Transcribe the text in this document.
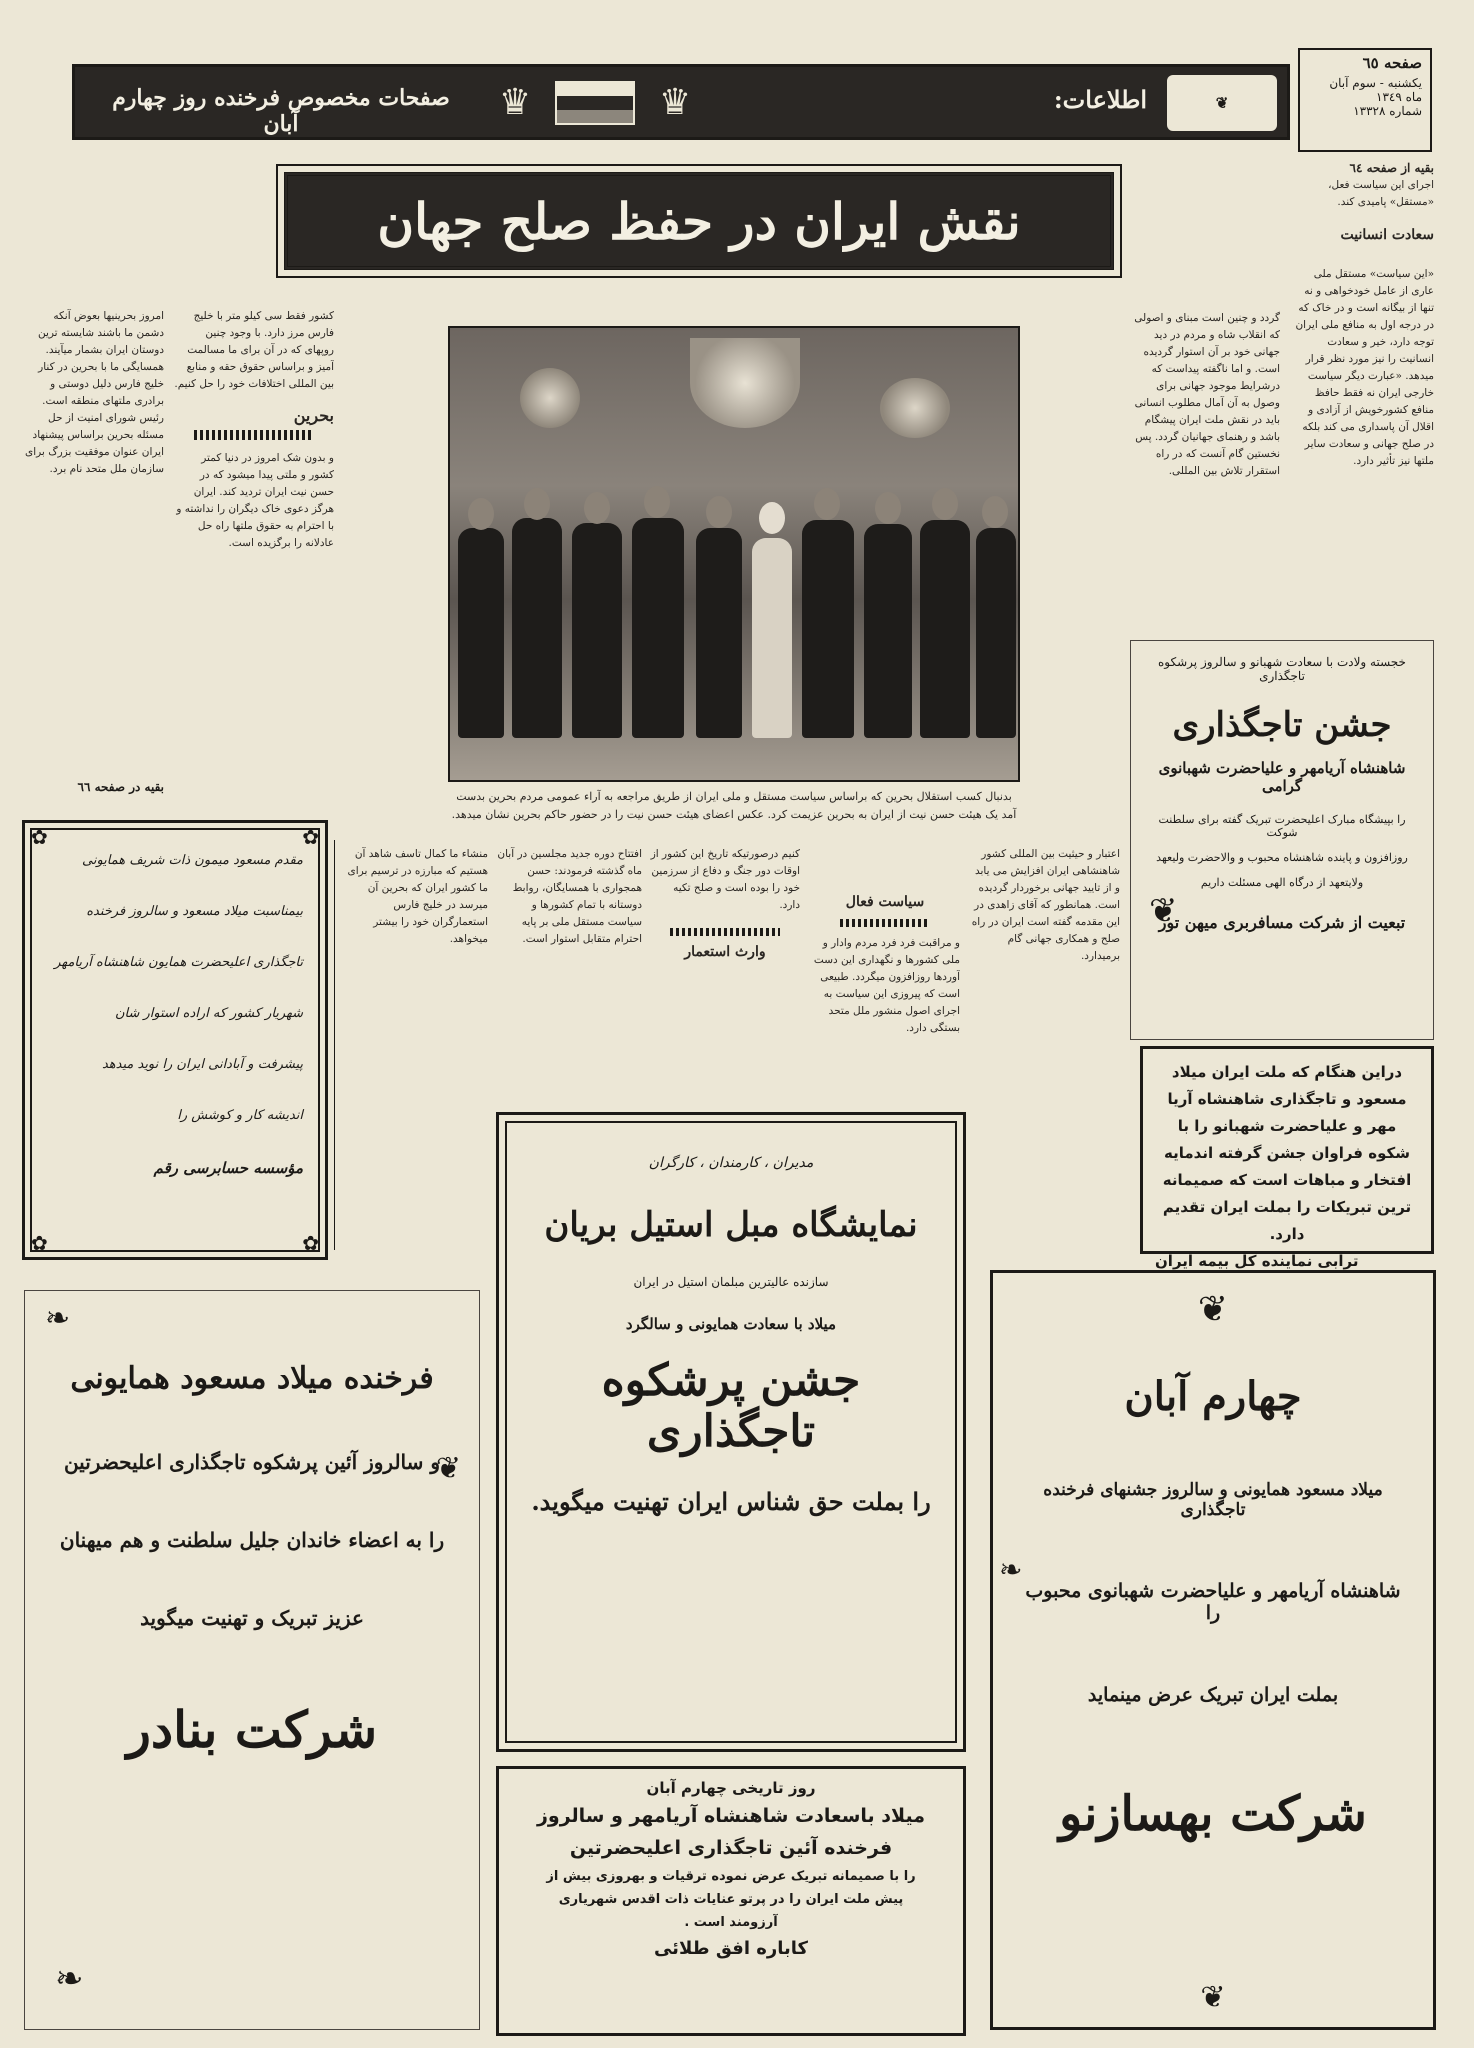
صفحه ٦٥
یکشنبه - سوم آبان
ماه ١٣٤٩
شماره ١٣٣٢٨
❦
اطلاعات:
♛
♛
صفحات مخصوص فرخنده روز چهارم آبان
نقش ایران در حفظ صلح جهان
بقیه از صفحه ٦٤
اجرای این سیاست فعل، «مستقل» پامیدی کند.
سعادت انسانیت
«این سیاست» مستقل ملی عاری از عامل خودخواهی و نه تنها از بیگانه است و در خاک که در درجه اول به منافع ملی ایران توجه دارد، خیر و سعادت انسانیت را نیز مورد نظر قرار میدهد. «عبارت دیگر سیاست خارجی ایران نه فقط حافظ منافع کشورخویش از آزادی و اقلال آن پاسداری می کند بلکه در صلح جهانی و سعادت سایر ملتها نیز تأثیر دارد.
گردد و چنین است مبنای و اصولی که انقلاب شاه و مردم در دید جهانی خود بر آن استوار گردیده است. و اما ناگفته پیداست که درشرایط موجود جهانی برای وصول به آن آمال مطلوب انسانی باید در نقش ملت ایران پیشگام باشد و رهنمای جهانیان گردد. پس نخستین گام آنست که در راه استقرار تلاش بین المللی.
بدنبال کسب استقلال بحرین که براساس سیاست مستقل و ملی ایران از طریق مراجعه به آراء عمومی مردم بحرین بدست آمد یک هیئت حسن نیت از ایران به بحرین عزیمت کرد. عکس اعضای هیئت حسن نیت را در حضور حاکم بحرین نشان میدهد.
امروز بحرینیها بعوض آنکه دشمن ما باشند شایسته ترین دوستان ایران بشمار میآیند. همسایگی ما با بحرین در کنار خلیج فارس دلیل دوستی و برادری ملتهای منطقه است. رئیس شورای امنیت از حل مسئله بحرین براساس پیشنهاد ایران عنوان موفقیت بزرگ برای سازمان ملل متحد نام برد.
بقیه در صفحه ٦٦
کشور فقط سی کیلو متر با خلیج فارس مرز دارد. با وجود چنین روپهای که در آن برای ما مسالمت آمیز و براساس حقوق حقه و منابع بین المللی اختلافات خود را حل کنیم.
بحرین
و بدون شک امروز در دنیا کمتر کشور و ملتی پیدا میشود که در حسن نیت ایران تردید کند. ایران هرگز دعوی خاک دیگران را نداشته و با احترام به حقوق ملتها راه حل عادلانه را برگزیده است.
خجسته ولادت با سعادت شهبانو و سالروز پرشکوه تاجگذاری
جشن تاجگذاری
شاهنشاه آریامهر و علیاحضرت شهبانوی گرامی
را بپیشگاه مبارک اعلیحضرت تبریک گفته برای سلطنت شوکت
روزافزون و پاینده شاهنشاه محبوب و والاحضرت ولیعهد
ولایتعهد از درگاه الهی مسئلت داریم
تبعیت از شرکت مسافربری میهن تور
❦
دراین هنگام که ملت ایران میلاد مسعود و تاجگذاری شاهنشاه آریا مهر و علیاحضرت شهبانو را با شکوه فراوان جشن گرفته اندمایه افتخار و مباهات است که صمیمانه ترین تبریکات را بملت ایران تقدیم دارد.
ترابی نماینده کل بیمه ایران
✿	✿
✿	✿
مقدم مسعود میمون ذات شریف همایونی
بیمناسبت میلاد مسعود و سالروز فرخنده
تاجگذاری اعلیحضرت همایون شاهنشاه آریامهر
شهریار کشور که اراده استوار شان
پیشرفت و آبادانی ایران را نوید میدهد
اندیشه کار و کوشش را
مؤسسه حسابرسی رقم
اعتبار و حیثیت بین المللی کشور شاهنشاهی ایران افزایش می یابد و از تایید جهانی برخوردار گردیده است. همانطور که آقای زاهدی در این مقدمه گفته است ایران در راه صلح و همکاری جهانی گام برمیدارد.
سیاست فعال
و مراقبت فرد فرد مردم وادار و ملی کشورها و نگهداری این دست آوردها روزافزون میگردد. طبیعی است که پیروزی این سیاست به اجرای اصول منشور ملل متحد بستگی دارد.
کنیم درصورتیکه تاریخ این کشور از اوقات دور جنگ و دفاع از سرزمین خود را بوده است و صلح تکیه دارد.
وارث استعمار
افتتاح دوره جدید مجلسین در آبان ماه گذشته فرمودند: حسن همجواری با همسایگان، روابط دوستانه با تمام کشورها و سیاست مستقل ملی بر پایه احترام متقابل استوار است.
منشاء ما کمال تاسف شاهد آن هستیم که مبارزه در ترسیم برای ما کشور ایران که بحرین آن میرسد در خلیج فارس استعمارگران خود را بیشتر میخواهد.
مدیران ، کارمندان ، کارگران
نمایشگاه مبل استیل بریان
سازنده عالیترین مبلمان استیل در ایران
میلاد با سعادت همایونی و سالگرد
جشن پرشکوه تاجگذاری
را بملت حق شناس ایران تهنیت میگوید.
❧
❦
فرخنده میلاد مسعود همایونی
و سالروز آئین پرشکوه تاجگذاری اعلیحضرتین
را به اعضاء خاندان جلیل سلطنت و هم میهنان
عزیز تبریک و تهنیت میگوید
شرکت بنادر
❧
روز تاریخی چهارم آبان
میلاد باسعادت شاهنشاه آریامهر و سالروز
فرخنده آئین تاجگذاری اعلیحضرتین
را با صمیمانه تبریک عرض نموده ترقیات و بهروزی بیش از
پیش ملت ایران را در پرتو عنایات ذات اقدس شهریاری
آرزومند است .
کاباره افق طلائی
❦
❧
چهارم آبان
میلاد مسعود همایونی و سالروز جشنهای فرخنده تاجگذاری
شاهنشاه آریامهر و علیاحضرت شهبانوی محبوب را
بملت ایران تبریک عرض مینماید
شرکت بهسازنو
❦
